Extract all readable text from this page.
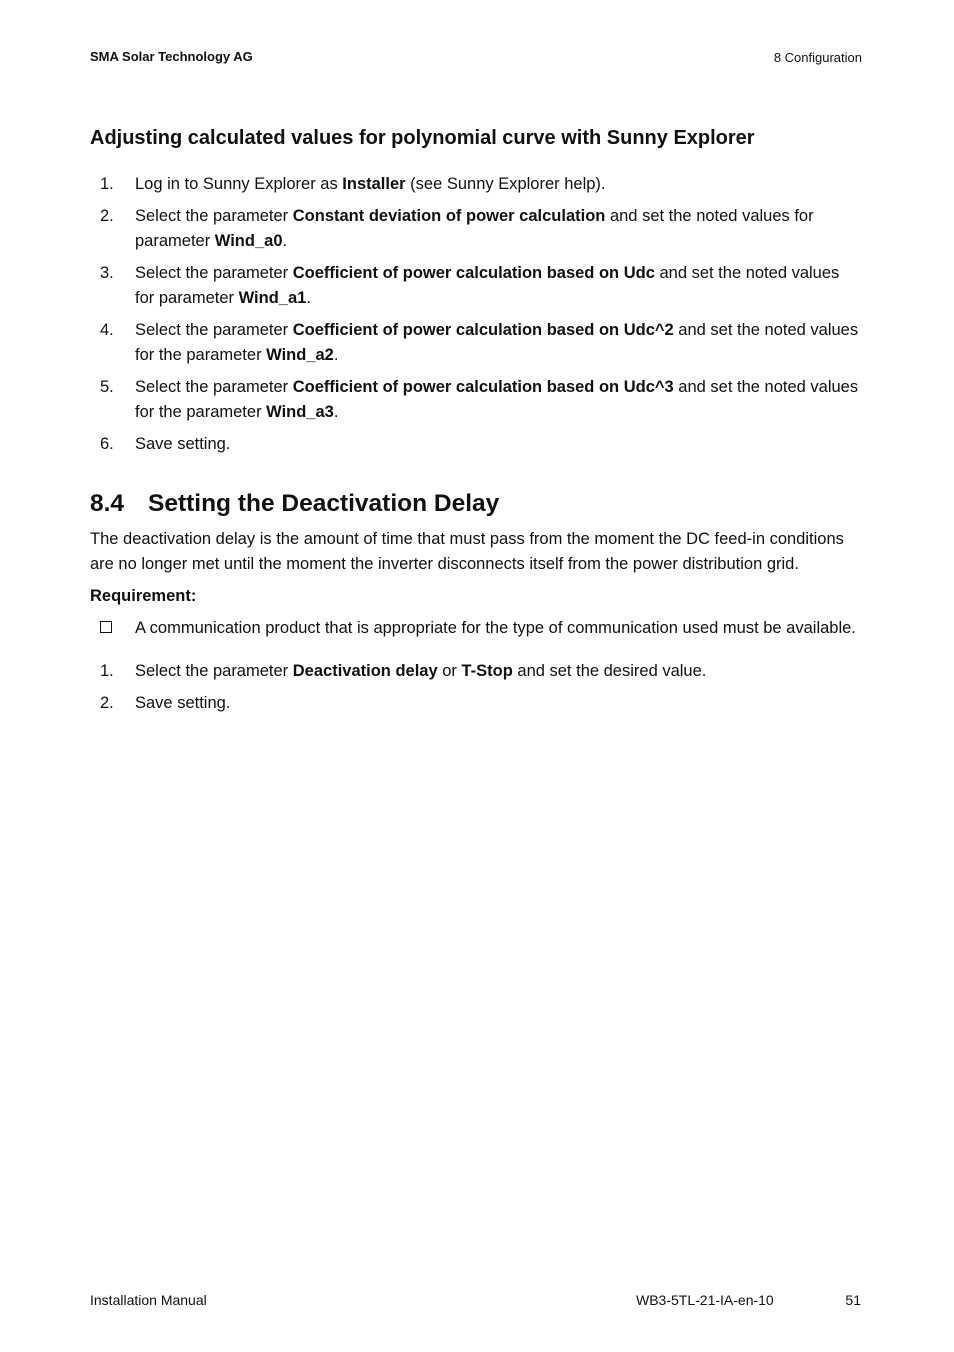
SMA Solar Technology AG	8 Configuration
Adjusting calculated values for polynomial curve with Sunny Explorer
1. Log in to Sunny Explorer as Installer (see Sunny Explorer help).
2. Select the parameter Constant deviation of power calculation and set the noted values for parameter Wind_a0.
3. Select the parameter Coefficient of power calculation based on Udc and set the noted values for parameter Wind_a1.
4. Select the parameter Coefficient of power calculation based on Udc^2 and set the noted values for the parameter Wind_a2.
5. Select the parameter Coefficient of power calculation based on Udc^3 and set the noted values for the parameter Wind_a3.
6. Save setting.
8.4 Setting the Deactivation Delay

The deactivation delay is the amount of time that must pass from the moment the DC feed-in conditions are no longer met until the moment the inverter disconnects itself from the power distribution grid.

Requirement:
A communication product that is appropriate for the type of communication used must be available.
1. Select the parameter Deactivation delay or T-Stop and set the desired value.
2. Save setting.
Installation Manual	WB3-5TL-21-IA-en-10	51
